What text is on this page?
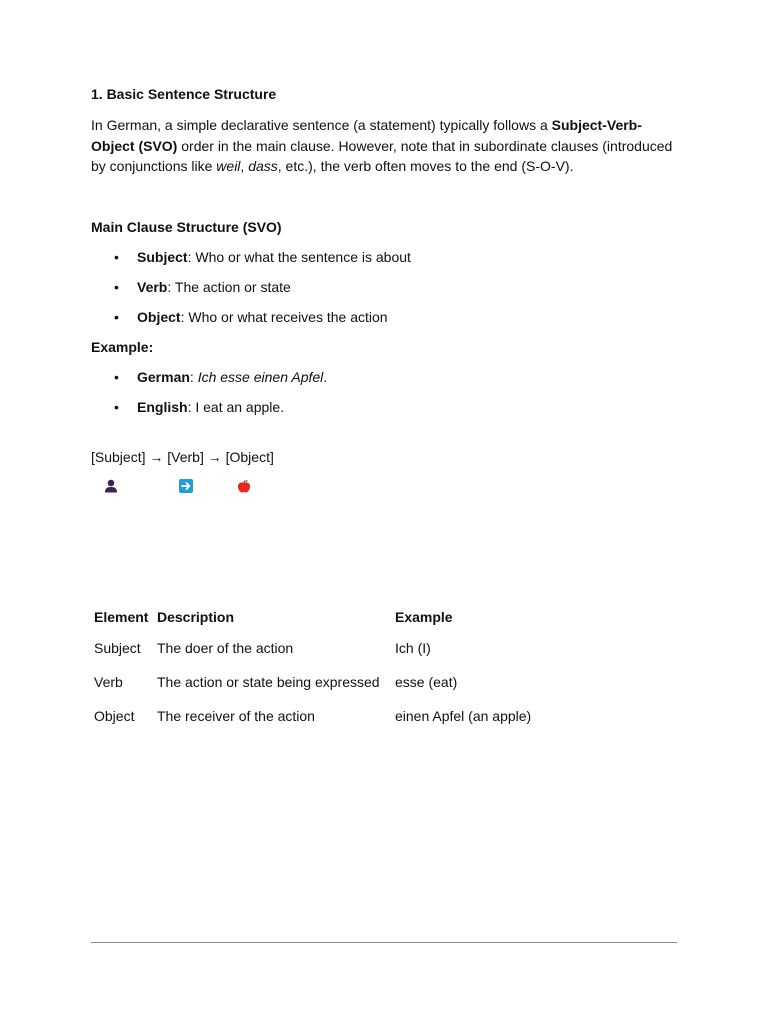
1. Basic Sentence Structure

In German, a simple declarative sentence (a statement) typically follows a Subject-Verb-Object (SVO) order in the main clause. However, note that in subordinate clauses (introduced by conjunctions like weil, dass, etc.), the verb often moves to the end (S-O-V).

Main Clause Structure (SVO)

• Subject: Who or what the sentence is about
• Verb: The action or state
• Object: Who or what receives the action

Example:

• German: Ich esse einen Apfel.
• English: I eat an apple.

[Subject] → [Verb] → [Object]

Element	Description	Example
Subject	The doer of the action	Ich (I)
Verb	The action or state being expressed	esse (eat)
Object	The receiver of the action	einen Apfel (an apple)
